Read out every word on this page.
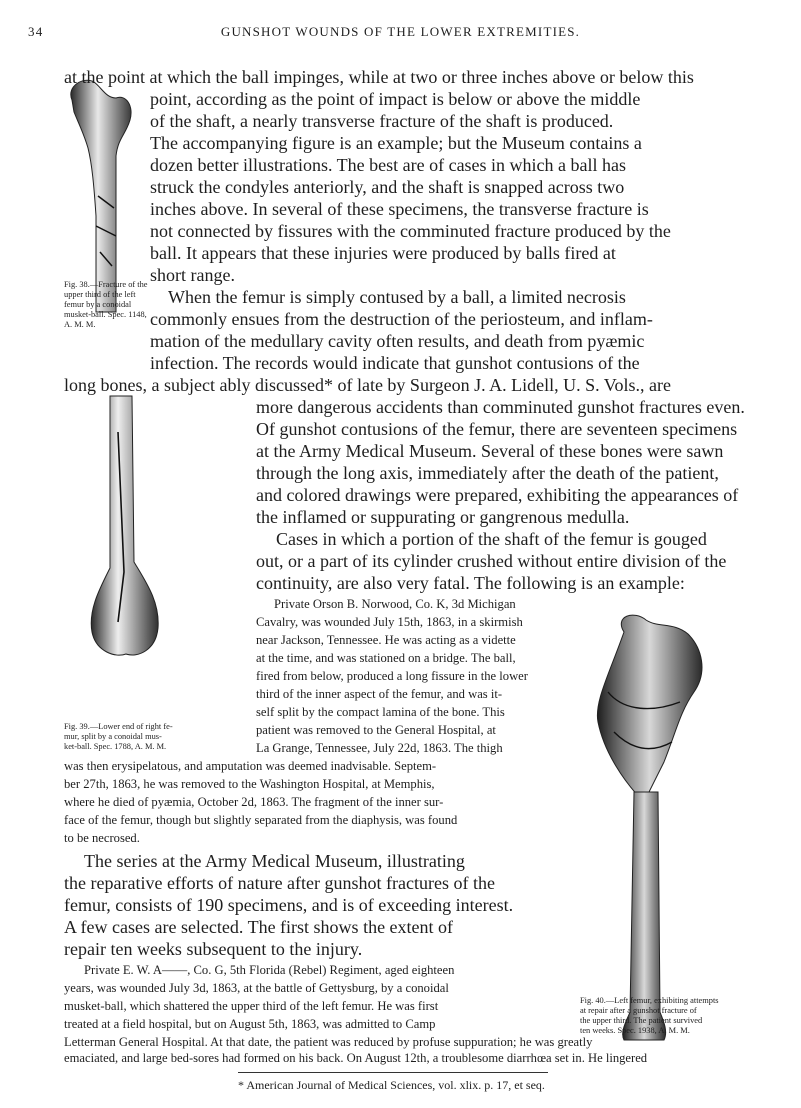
34	GUNSHOT WOUNDS OF THE LOWER EXTREMITIES.
at the point at which the ball impinges, while at two or three inches above or below this
point, according as the point of impact is below or above the middle
of the shaft, a nearly transverse fracture of the shaft is produced.
The accompanying figure is an example; but the Museum contains a
dozen better illustrations. The best are of cases in which a ball has
struck the condyles anteriorly, and the shaft is snapped across two
inches above. In several of these specimens, the transverse fracture is
not connected by fissures with the comminuted fracture produced by the
ball. It appears that these injuries were produced by balls fired at
short range.
When the femur is simply contused by a ball, a limited necrosis
commonly ensues from the destruction of the periosteum, and inflam-
mation of the medullary cavity often results, and death from pyæmic
infection. The records would indicate that gunshot contusions of the
long bones, a subject ably discussed* of late by Surgeon J. A. Lidell, U. S. Vols., are
more dangerous accidents than comminuted gunshot fractures even.
Of gunshot contusions of the femur, there are seventeen specimens
at the Army Medical Museum. Several of these bones were sawn
through the long axis, immediately after the death of the patient,
and colored drawings were prepared, exhibiting the appearances of
the inflamed or suppurating or gangrenous medulla.
Cases in which a portion of the shaft of the femur is gouged
out, or a part of its cylinder crushed without entire division of the
continuity, are also very fatal. The following is an example:
Private Orson B. Norwood, Co. K, 3d Michigan
Cavalry, was wounded July 15th, 1863, in a skirmish
near Jackson, Tennessee. He was acting as a vidette
at the time, and was stationed on a bridge. The ball,
fired from below, produced a long fissure in the lower
third of the inner aspect of the femur, and was it-
self split by the compact lamina of the bone. This
patient was removed to the General Hospital, at
La Grange, Tennessee, July 22d, 1863. The thigh
was then erysipelatous, and amputation was deemed inadvisable. Septem-
ber 27th, 1863, he was removed to the Washington Hospital, at Memphis,
where he died of pyæmia, October 2d, 1863. The fragment of the inner sur-
face of the femur, though but slightly separated from the diaphysis, was found
to be necrosed.
The series at the Army Medical Museum, illustrating
the reparative efforts of nature after gunshot fractures of the
femur, consists of 190 specimens, and is of exceeding interest.
A few cases are selected. The first shows the extent of
repair ten weeks subsequent to the injury.
Private E. W. A——, Co. G, 5th Florida (Rebel) Regiment, aged eighteen
years, was wounded July 3d, 1863, at the battle of Gettysburg, by a conoidal
musket-ball, which shattered the upper third of the left femur. He was first
treated at a field hospital, but on August 5th, 1863, was admitted to Camp
Letterman General Hospital. At that date, the patient was reduced by profuse suppuration; he was greatly
emaciated, and large bed-sores had formed on his back. On August 12th, a troublesome diarrhœa set in. He lingered
Fig. 38.—Fracture of the
upper third of the left
femur by a conoidal
musket-ball. Spec. 1148,
A. M. M.
Fig. 39.—Lower end of right fe-
mur, split by a conoidal mus-
ket-ball. Spec. 1788, A. M. M.
Fig. 40.—Left femur, exhibiting attempts
at repair after a gunshot fracture of
the upper third. The patient survived
ten weeks. Spec. 1938, A. M. M.
* American Journal of Medical Sciences, vol. xlix. p. 17, et seq.
